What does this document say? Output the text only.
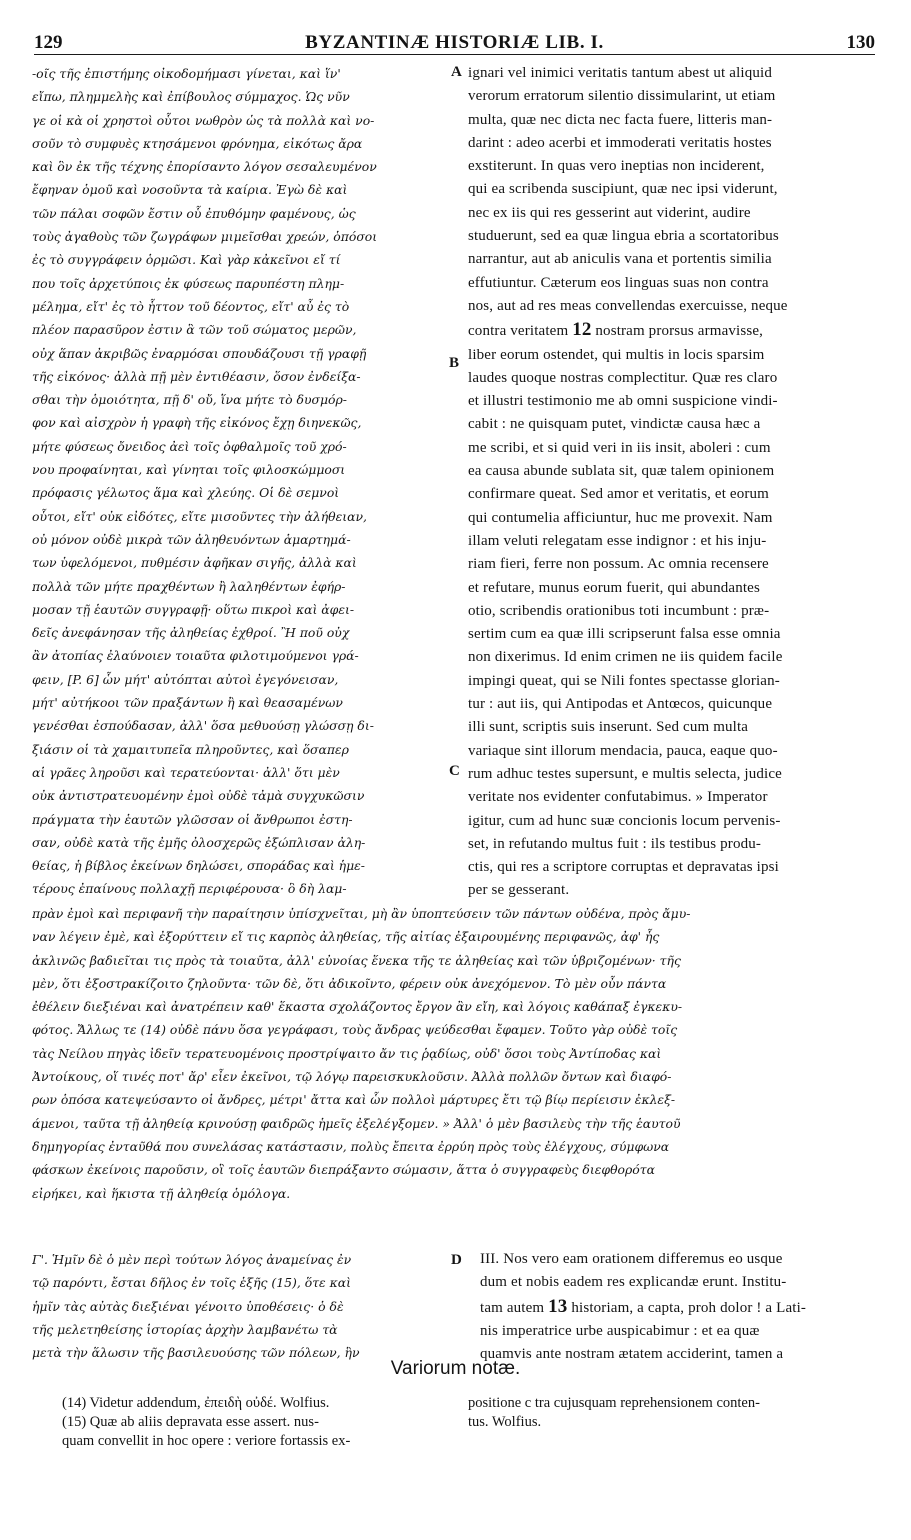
129	BYZANTINÆ HISTORIÆ LIB. I.	130
-οῖς τῆς ἐπιστήμης οἰκοδομήμασι γίνεται, καὶ ἵν'
εἴπω, πλημμελὴς καὶ ἐπίβουλος σύμμαχος. Ὡς νῦν
γε οἱ κὰ οἱ χρηστοὶ οὗτοι νωθρὸν ὡς τὰ πολλὰ καὶ νο-
σοῦν τὸ συμφυὲς κτησάμενοι φρόνημα, εἰκότως ἄρα
καὶ ὃν ἐκ τῆς τέχνης ἐπορίσαντο λόγον σεσαλευμένον
ἔφηναν ὁμοῦ καὶ νοσοῦντα τὰ καίρια. Ἐγὼ δὲ καὶ
τῶν πάλαι σοφῶν ἔστιν οὗ ἐπυθόμην φαμένους, ὡς
τοὺς ἀγαθοὺς τῶν ζωγράφων μιμεῖσθαι χρεών, ὁπόσοι
ἐς τὸ συγγράφειν ὁρμῶσι. Καὶ γὰρ κἀκεῖνοι εἴ τί
που τοῖς ἀρχετύποις ἐκ φύσεως παρυπέστη πλημ-
μέλημα, εἴτ' ἐς τὸ ἧττον τοῦ δέοντος, εἴτ' αὖ ἐς τὸ
πλέον παρασῦρον ἐστιν ἃ τῶν τοῦ σώματος μερῶν,
οὐχ ἅπαν ἀκριβῶς ἐναρμόσαι σπουδάζουσι τῇ γραφῇ
τῆς εἰκόνος· ἀλλὰ πῇ μὲν ἐντιθέασιν, ὅσον ἐνδείξα-
σθαι τὴν ὁμοιότητα, πῇ δ' οὔ, ἵνα μήτε τὸ δυσμόρ-
φον καὶ αἰσχρὸν ἡ γραφὴ τῆς εἰκόνος ἔχῃ διηνεκῶς,
μήτε φύσεως ὄνειδος ἀεὶ τοῖς ὀφθαλμοῖς τοῦ χρό-
νου προφαίνηται, καὶ γίνηται τοῖς φιλοσκώμμοσι
πρόφασις γέλωτος ἅμα καὶ χλεύης. Οἱ δὲ σεμνοὶ
οὗτοι, εἴτ' οὐκ εἰδότες, εἴτε μισοῦντες τὴν ἀλήθειαν,
οὐ μόνον οὐδὲ μικρὰ τῶν ἀληθευόντων ἁμαρτημά-
των ὑφελόμενοι, πυθμέσιν ἀφῆκαν σιγῆς, ἀλλὰ καὶ
πολλὰ τῶν μήτε πραχθέντων ἢ λαληθέντων ἐφήρ-
μοσαν τῇ ἑαυτῶν συγγραφῇ· οὕτω πικροὶ καὶ ἀφει-
δεῖς ἀνεφάνησαν τῆς ἀληθείας ἐχθροί. Ἢ ποῦ οὐχ
ἂν ἀτοπίας ἐλαύνοιεν τοιαῦτα φιλοτιμούμενοι γρά-
φειν, [P. 6] ὧν μήτ' αὐτόπται αὐτοὶ ἐγεγόνεισαν,
μήτ' αὐτήκοοι τῶν πραξάντων ἢ καὶ θεασαμένων
γενέσθαι ἐσπούδασαν, ἀλλ' ὅσα μεθυούσῃ γλώσσῃ δι-
ξιάσιν οἱ τὰ χαμαιτυπεῖα πληροῦντες, καὶ ὅσαπερ
αἱ γρᾶες ληροῦσι καὶ τερατεύονται· ἀλλ' ὅτι μὲν
οὐκ ἀντιστρατευομένην ἐμοὶ οὐδὲ τἀμὰ συγχυκῶσιν
πράγματα τὴν ἑαυτῶν γλῶσσαν οἱ ἄνθρωποι ἐστη-
σαν, οὐδὲ κατὰ τῆς ἐμῆς ὀλοσχερῶς ἐξώπλισαν ἀλη-
θείας, ἡ βίβλος ἐκείνων δηλώσει, σποράδας καὶ ἡμε-
τέρους ἐπαίνους πολλαχῇ περιφέρουσα· ὃ δὴ λαμ-
ignari vel inimici veritatis tantum abest ut aliquid
verorum erratorum silentio dissimularint, ut etiam
multa, quæ nec dicta nec facta fuere, litteris man-
darint : adeo acerbi et immoderati veritatis hostes
exstiterunt. In quas vero ineptias non inciderent,
qui ea scribenda suscipiunt, quæ nec ipsi viderunt,
nec ex iis qui res gesserint aut viderint, audire
studuerunt, sed ea quæ lingua ebria a scortatoribus
narrantur, aut ab aniculis vana et portentis similia
effutiuntur. Cæterum eos linguas suas non contra
nos, aut ad res meas convellendas exercuisse, neque
contra veritatem 12 nostram prorsus armavisse,
liber eorum ostendet, qui multis in locis sparsim
laudes quoque nostras complectitur. Quæ res claro
et illustri testimonio me ab omni suspicione vindi-
cabit : ne quisquam putet, vindictæ causa hæc a
me scribi, et si quid veri in iis insit, aboleri : cum
ea causa abunde sublata sit, quæ talem opinionem
confirmare queat. Sed amor et veritatis, et eorum
qui contumelia afficiuntur, huc me provexit. Nam
illam veluti relegatam esse indignor : et his inju-
riam fieri, ferre non possum. Ac omnia recensere
et refutare, munus eorum fuerit, qui abundantes
otio, scribendis orationibus toti incumbunt : præ-
sertim cum ea quæ illi scripserunt falsa esse omnia
non dixerimus. Id enim crimen ne iis quidem facile
impingi queat, qui se Nili fontes spectasse glorian-
tur : aut iis, qui Antipodas et Antœcos, quicunque
illi sunt, scriptis suis inserunt. Sed cum multa
variaque sint illorum mendacia, pauca, eaque quo-
rum adhuc testes supersunt, e multis selecta, judice
veritate nos evidenter confutabimus. » Imperator
igitur, cum ad hunc suæ concionis locum pervenis-
set, in refutando multus fuit : ils testibus produ-
ctis, qui res a scriptore corruptas et depravatas ipsi
per se gesserant.
A
B
C
D
πρὰν ἐμοὶ καὶ περιφανῆ τὴν παραίτησιν ὑπίσχνεῖται, μὴ ἂν ὑποπτεύσειν τῶν πάντων οὐδένα, πρὸς ἄμυ-
ναν λέγειν ἐμὲ, καὶ ἐξορύττειν εἴ τις καρπὸς ἀληθείας, τῆς αἰτίας ἐξαιρουμένης περιφανῶς, ἀφ' ἧς
ἀκλινῶς βαδιεῖται τις πρὸς τὰ τοιαῦτα, ἀλλ' εὐνοίας ἕνεκα τῆς τε ἀληθείας καὶ τῶν ὑβριζομένων· τῆς
μὲν, ὅτι ἐξοστρακίζοιτο ζηλοῦντα· τῶν δὲ, ὅτι ἀδικοῖντο, φέρειν οὐκ ἀνεχόμενον. Τὸ μὲν οὖν πάντα
ἐθέλειν διεξιέναι καὶ ἀνατρέπειν καθ' ἕκαστα σχολάζοντος ἔργον ἂν εἴη, καὶ λόγοις καθάπαξ ἐγκεκυ-
φότος. Ἄλλως τε (14) οὐδὲ πάνυ ὅσα γεγράφασι, τοὺς ἄνδρας ψεύδεσθαι ἔφαμεν. Τοῦτο γὰρ οὐδὲ τοῖς
τὰς Νείλου πηγὰς ἰδεῖν τερατευομένοις προστρίψαιτο ἄν τις ῥᾳδίως, οὐδ' ὅσοι τοὺς Ἀντίποδας καὶ
Ἀντοίκους, οἵ τινές ποτ' ἄρ' εἶεν ἐκεῖνοι, τῷ λόγῳ παρεισκυκλοῦσιν. Ἀλλὰ πολλῶν ὄντων καὶ διαφό-
ρων ὁπόσα κατεψεύσαντο οἱ ἄνδρες, μέτρι' ἄττα καὶ ὧν πολλοὶ μάρτυρες ἔτι τῷ βίῳ περίεισιν ἐκλεξ-
άμενοι, ταῦτα τῇ ἀληθείᾳ κρινούσῃ φαιδρῶς ἡμεῖς ἐξελέγξομεν. » Ἀλλ' ὁ μὲν βασιλεὺς τὴν τῆς ἑαυτοῦ
δημηγορίας ἐνταῦθά που συνελάσας κατάστασιν, πολὺς ἔπειτα ἐρρύη πρὸς τοὺς ἐλέγχους, σύμφωνα
φάσκων ἐκείνοις παροῦσιν, οἳ τοῖς ἑαυτῶν διεπράξαντο σώμασιν, ἅττα ὁ συγγραφεὺς διεφθορότα
εἰρήκει, καὶ ἥκιστα τῇ ἀληθείᾳ ὁμόλογα.
Γ'. Ἡμῖν δὲ ὁ μὲν περὶ τούτων λόγος ἀναμείνας ἐν
τῷ παρόντι, ἔσται δῆλος ἐν τοῖς ἑξῆς (15), ὅτε καὶ
ἡμῖν τὰς αὐτὰς διεξιέναι γένοιτο ὑποθέσεις· ὁ δὲ
τῆς μελετηθείσης ἱστορίας ἀρχὴν λαμβανέτω τὰ
μετὰ τὴν ἅλωσιν τῆς βασιλευούσης τῶν πόλεων, ἣν
III. Nos vero eam orationem differemus eo usque
dum et nobis eadem res explicandæ erunt. Institu-
tam autem 13 historiam, a capta, proh dolor ! a Lati-
nis imperatrice urbe auspicabimur : et ea quæ
quamvis ante nostram ætatem acciderint, tamen a
Variorum notæ.
(14) Videtur addendum, ἐπειδὴ οὐδέ. Wolfius.
(15) Quæ ab aliis depravata esse assert. nus-
quam convellit in hoc opere : veriore fortassis ex-
positione c tra cujusquam reprehensionem conten-
tus. Wolfius.
